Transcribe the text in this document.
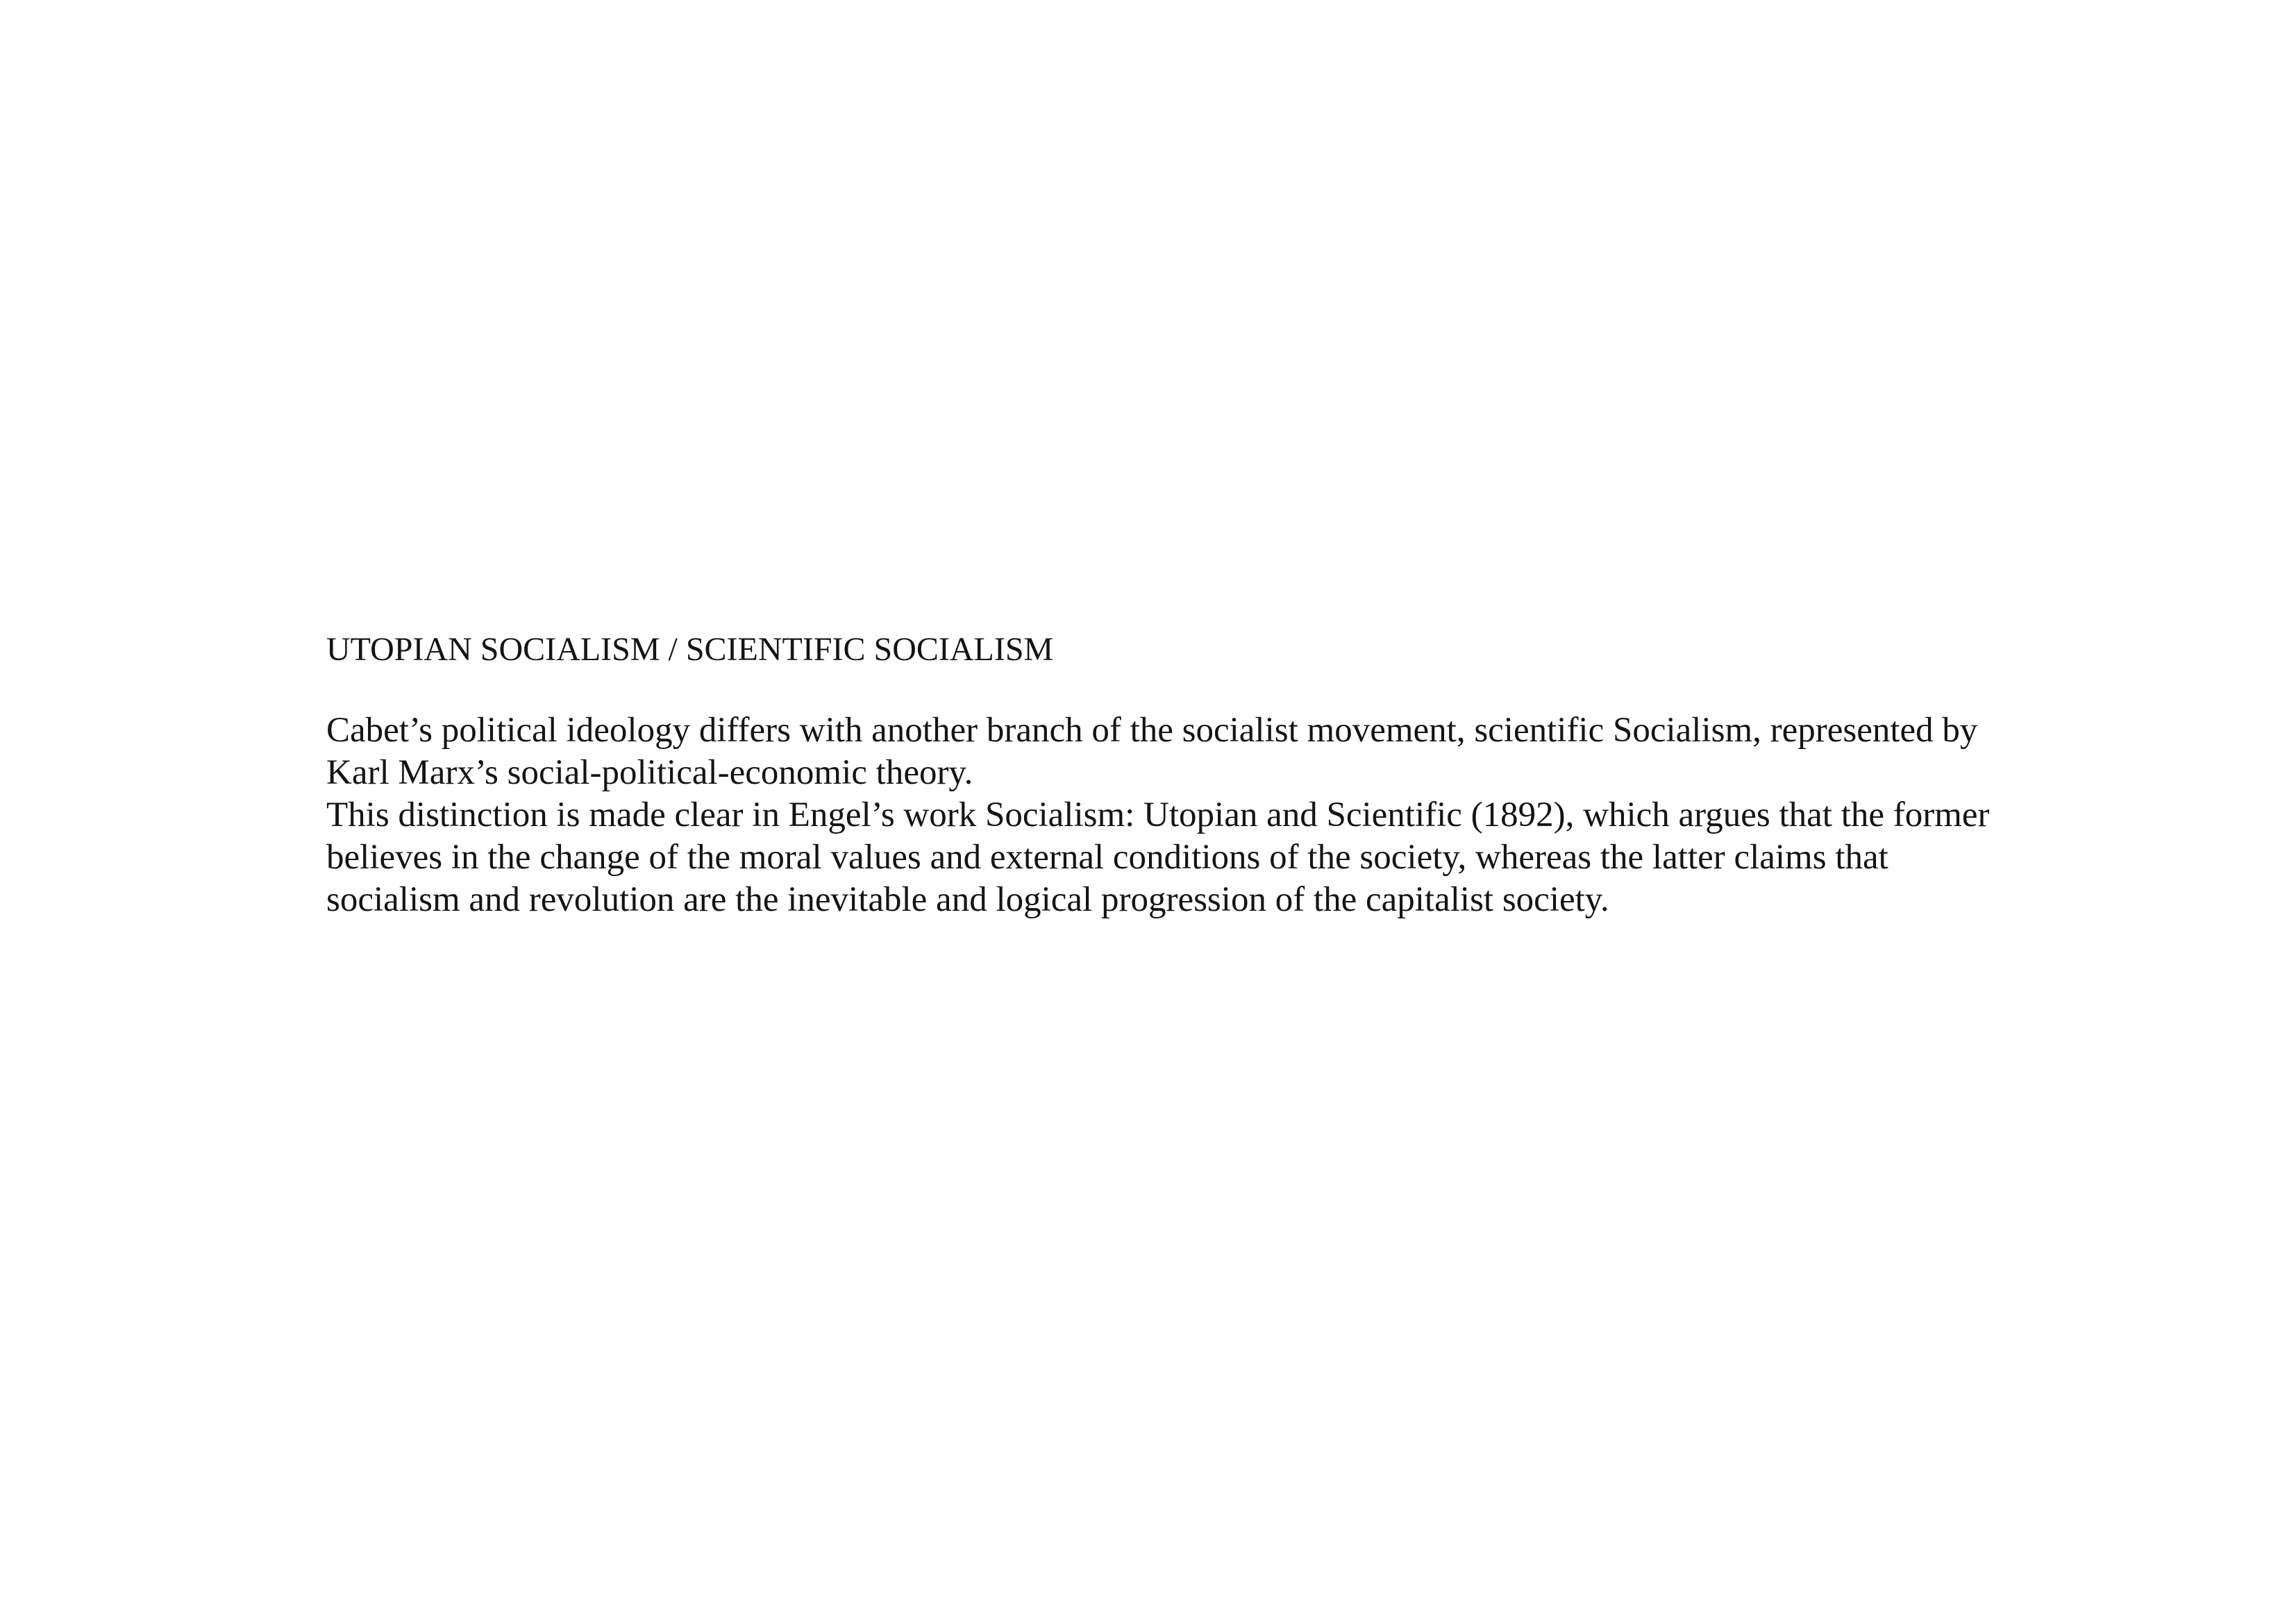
UTOPIAN SOCIALISM / SCIENTIFIC SOCIALISM
Cabet’s political ideology differs with another branch of the socialist movement, scientific Socialism, represented by
Karl Marx’s social-political-economic theory.
This distinction is made clear in Engel’s work Socialism: Utopian and Scientific (1892), which argues that the former
believes in the change of the moral values and external conditions of the society, whereas the latter claims that
socialism and revolution are the inevitable and logical progression of the capitalist society.
